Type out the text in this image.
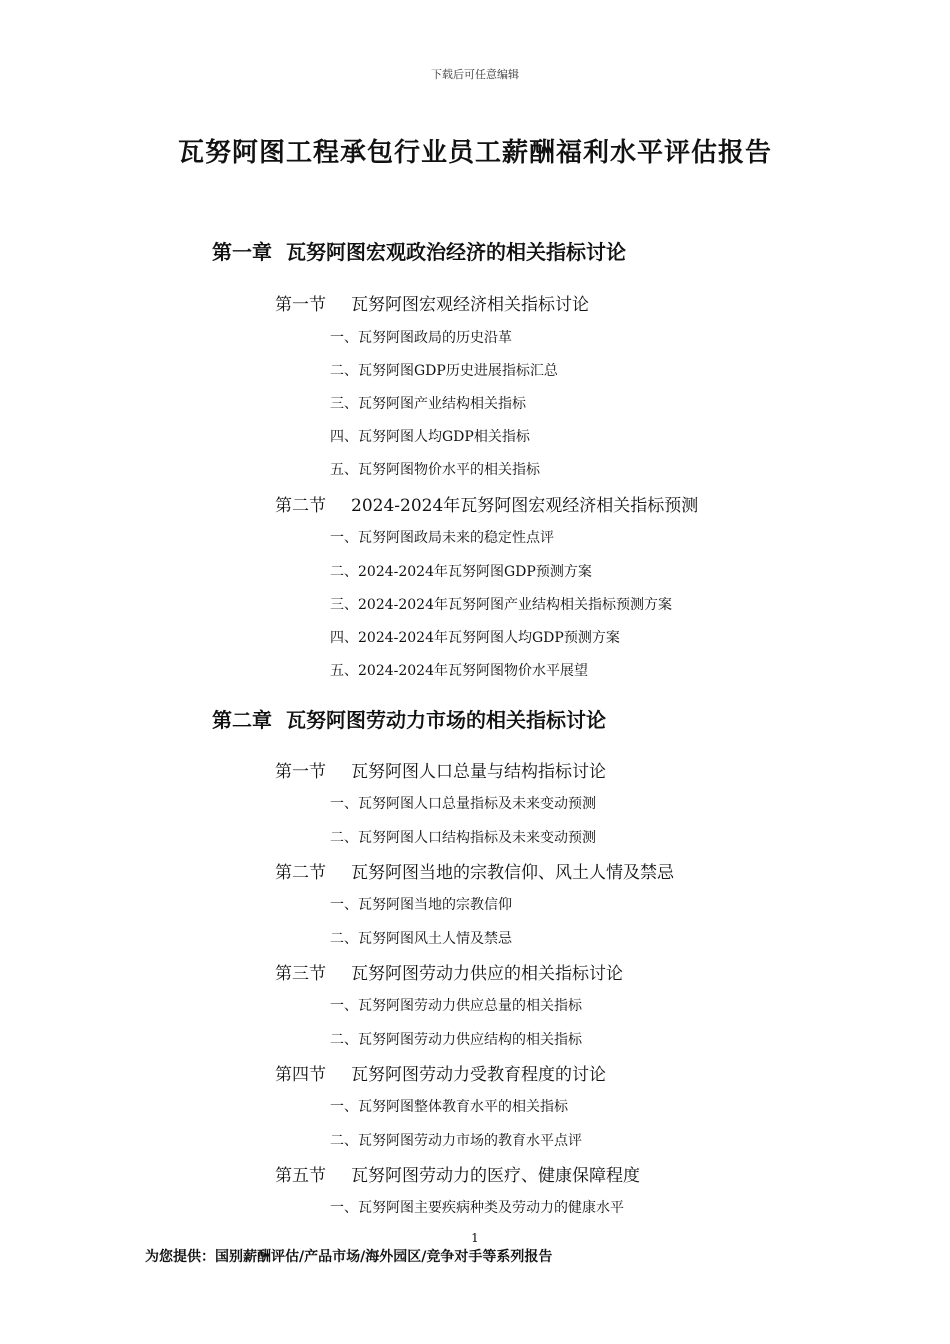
下载后可任意编辑
瓦努阿图工程承包行业员工薪酬福利水平评估报告
第一章 瓦努阿图宏观政治经济的相关指标讨论
第一节 瓦努阿图宏观经济相关指标讨论
一、瓦努阿图政局的历史沿革
二、瓦努阿图GDP历史进展指标汇总
三、瓦努阿图产业结构相关指标
四、瓦努阿图人均GDP相关指标
五、瓦努阿图物价水平的相关指标
第二节 2024-2024年瓦努阿图宏观经济相关指标预测
一、瓦努阿图政局未来的稳定性点评
二、2024-2024年瓦努阿图GDP预测方案
三、2024-2024年瓦努阿图产业结构相关指标预测方案
四、2024-2024年瓦努阿图人均GDP预测方案
五、2024-2024年瓦努阿图物价水平展望
第二章 瓦努阿图劳动力市场的相关指标讨论
第一节 瓦努阿图人口总量与结构指标讨论
一、瓦努阿图人口总量指标及未来变动预测
二、瓦努阿图人口结构指标及未来变动预测
第二节 瓦努阿图当地的宗教信仰、风土人情及禁忌
一、瓦努阿图当地的宗教信仰
二、瓦努阿图风土人情及禁忌
第三节 瓦努阿图劳动力供应的相关指标讨论
一、瓦努阿图劳动力供应总量的相关指标
二、瓦努阿图劳动力供应结构的相关指标
第四节 瓦努阿图劳动力受教育程度的讨论
一、瓦努阿图整体教育水平的相关指标
二、瓦努阿图劳动力市场的教育水平点评
第五节 瓦努阿图劳动力的医疗、健康保障程度
一、瓦努阿图主要疾病种类及劳动力的健康水平
1
为您提供：国别薪酬评估/产品市场/海外园区/竞争对手等系列报告
